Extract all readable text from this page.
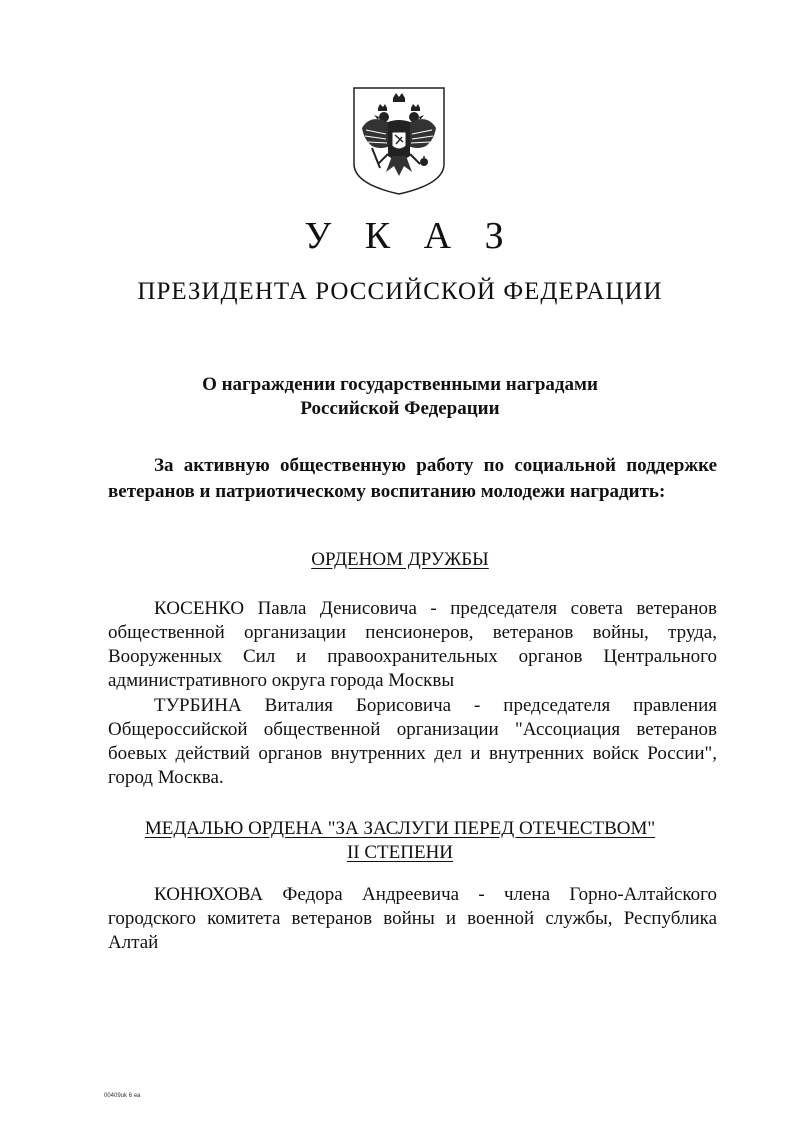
У К А З
ПРЕЗИДЕНТА РОССИЙСКОЙ ФЕДЕРАЦИИ
О награждении государственными наградами
Российской Федерации
За активную общественную работу по социальной поддержке ветеранов и патриотическому воспитанию молодежи наградить:
ОРДЕНОМ ДРУЖБЫ
КОСЕНКО Павла Денисовича - председателя совета ветеранов общественной организации пенсионеров, ветеранов войны, труда, Вооруженных Сил и правоохранительных органов Центрального административного округа города Москвы
ТУРБИНА Виталия Борисовича - председателя правления Общероссийской общественной организации "Ассоциация ветеранов боевых действий органов внутренних дел и внутренних войск России", город Москва.
МЕДАЛЬЮ ОРДЕНА "ЗА ЗАСЛУГИ ПЕРЕД ОТЕЧЕСТВОМ"
II СТЕПЕНИ
КОНЮХОВА Федора Андреевича - члена Горно-Алтайского городского комитета ветеранов войны и военной службы, Республика Алтай
00409uk 6 ea
